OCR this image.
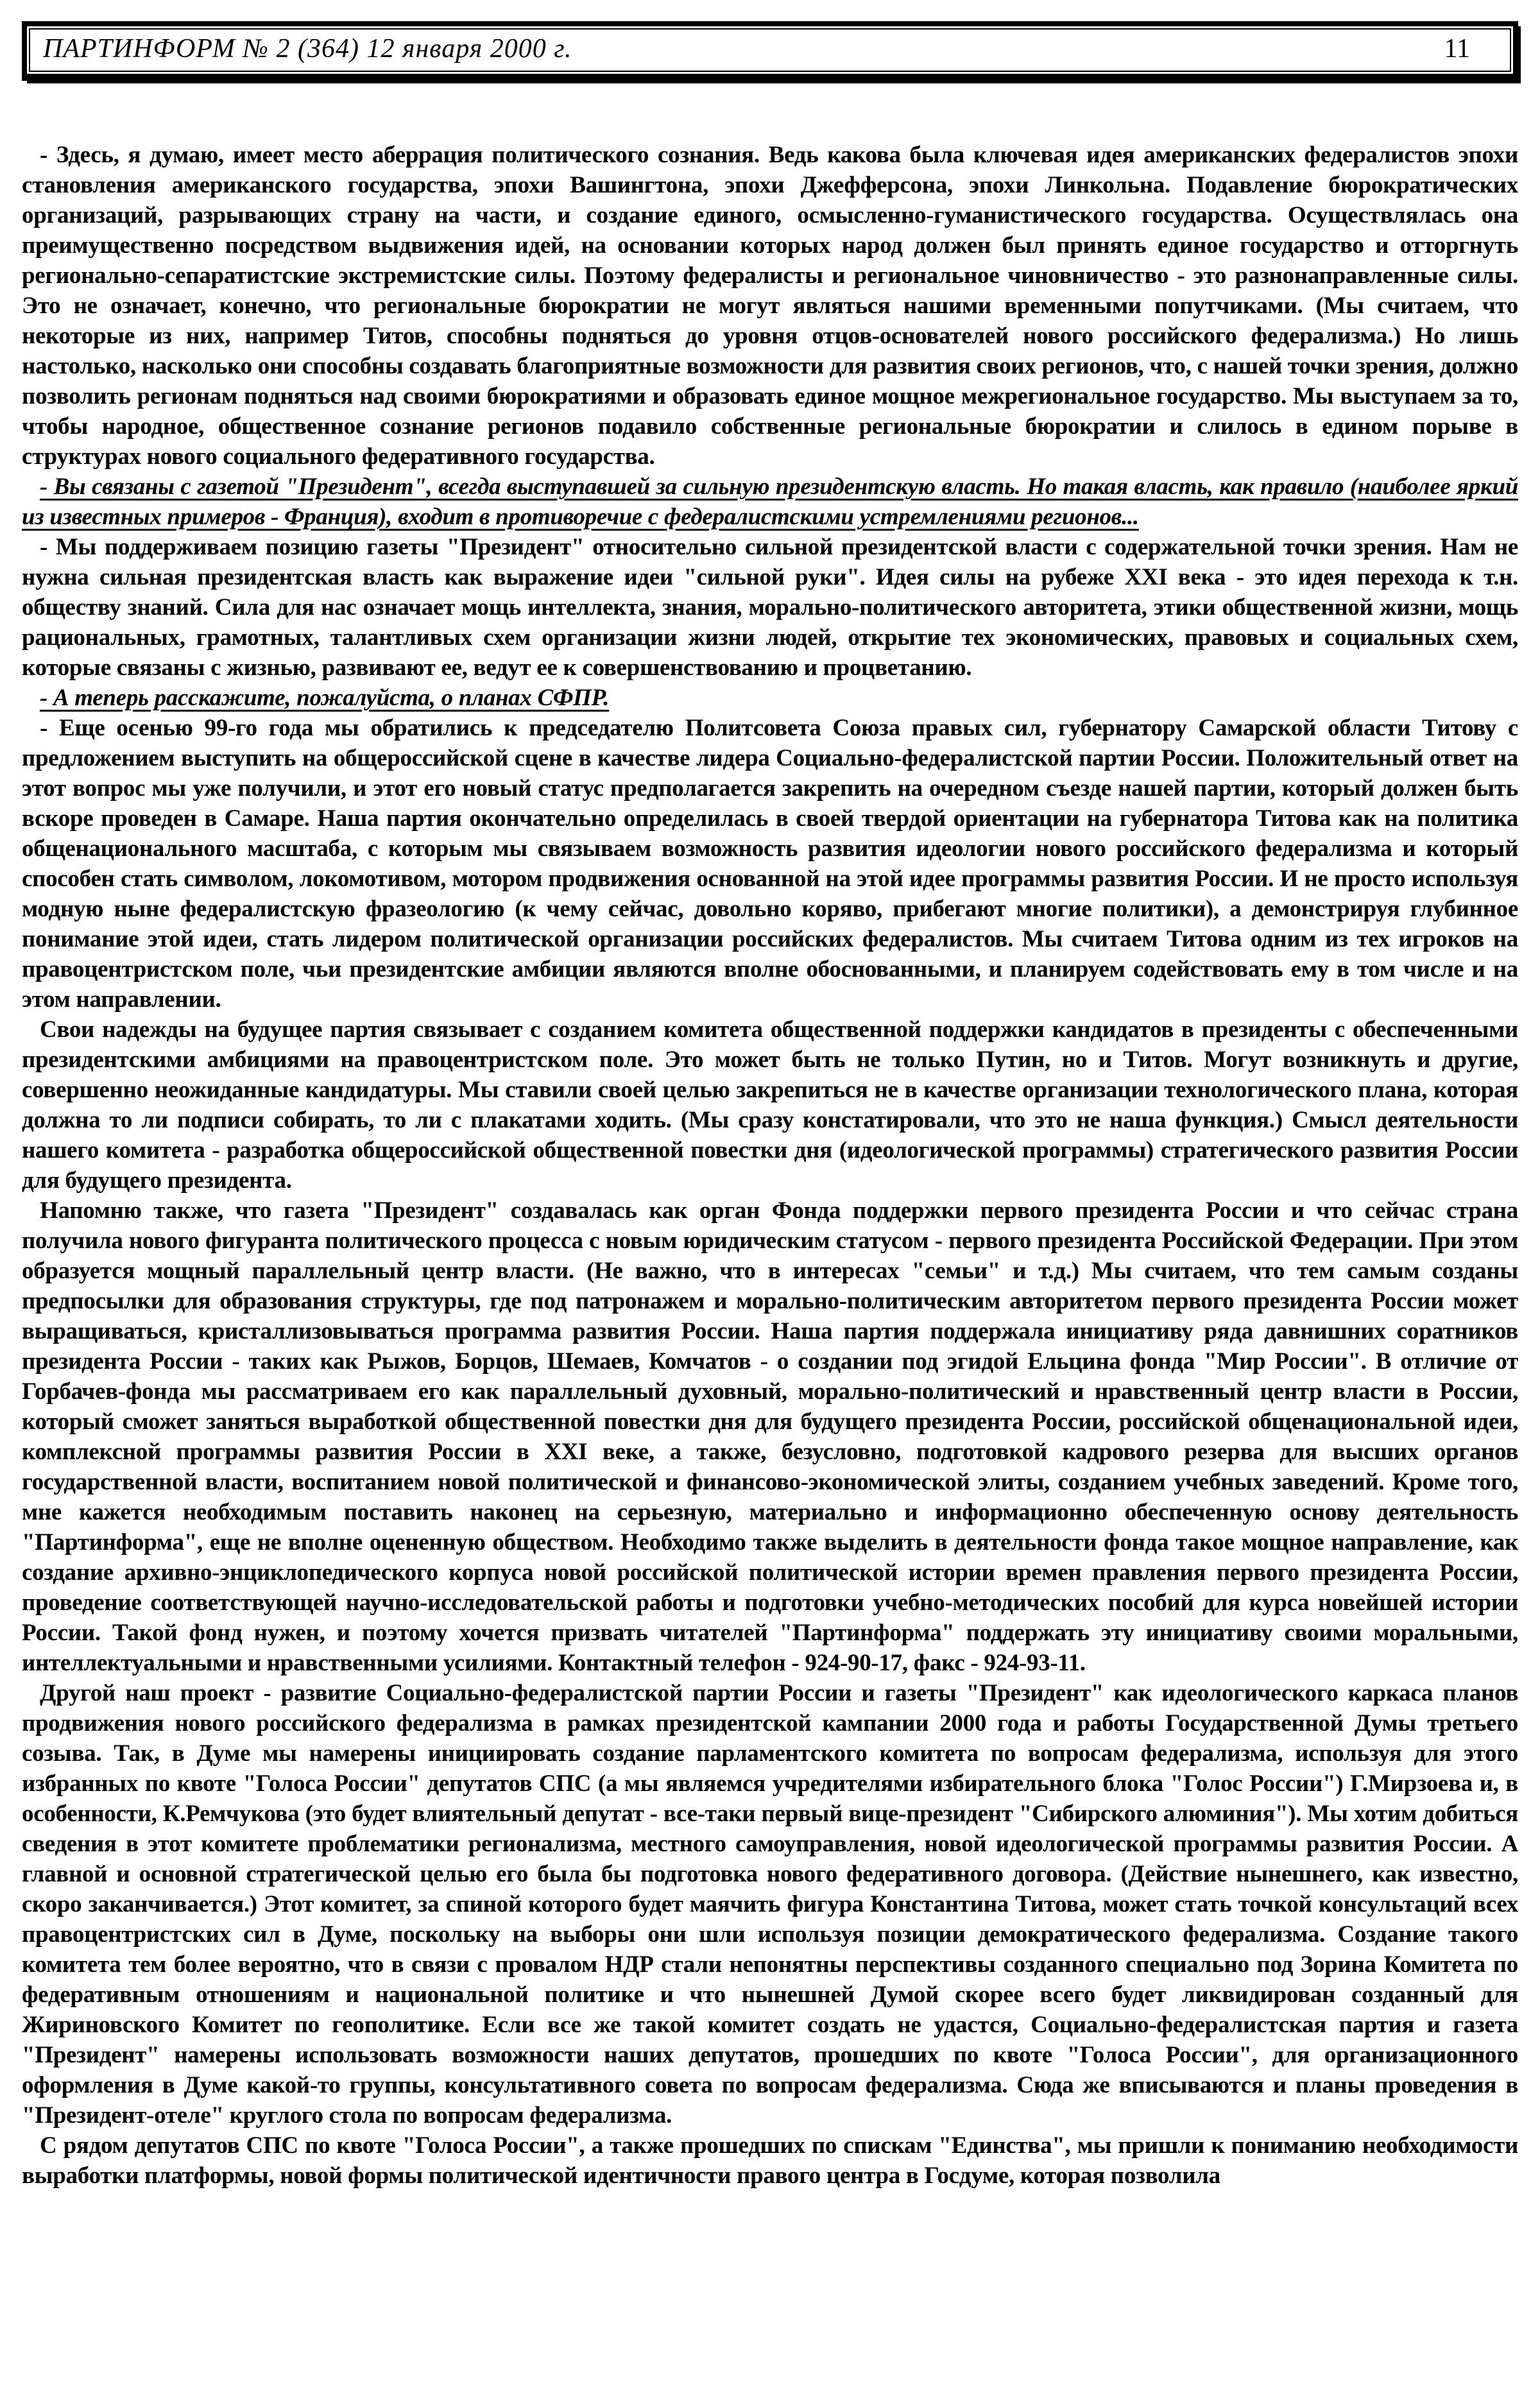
ПАРТИНФОРМ № 2 (364) 12 января 2000 г.	11

- Здесь, я думаю, имеет место аберрация политического сознания. Ведь какова была ключевая идея американских федералистов эпохи становления американского государства, эпохи Вашингтона, эпохи Джефферсона, эпохи Линкольна. Подавление бюрократических организаций, разрывающих страну на части, и создание единого, осмысленно-гуманистического государства. Осуществлялась она преимущественно посредством выдвижения идей, на основании которых народ должен был принять единое государство и отторгнуть регионально-сепаратистские экстремистские силы. Поэтому федералисты и региональное чиновничество - это разнонаправленные силы. Это не означает, конечно, что региональные бюрократии не могут являться нашими временными попутчиками. (Мы считаем, что некоторые из них, например Титов, способны подняться до уровня отцов-основателей нового российского федерализма.) Но лишь настолько, насколько они способны создавать благоприятные возможности для развития своих регионов, что, с нашей точки зрения, должно позволить регионам подняться над своими бюрократиями и образовать единое мощное межрегиональное государство. Мы выступаем за то, чтобы народное, общественное сознание регионов подавило собственные региональные бюрократии и слилось в едином порыве в структурах нового социального федеративного государства.

- Вы связаны с газетой "Президент", всегда выступавшей за сильную президентскую власть. Но такая власть, как правило (наиболее яркий из известных примеров - Франция), входит в противоречие с федералистскими устремлениями регионов...

- Мы поддерживаем позицию газеты "Президент" относительно сильной президентской власти с содержательной точки зрения. Нам не нужна сильная президентская власть как выражение идеи "сильной руки". Идея силы на рубеже XXI века - это идея перехода к т.н. обществу знаний. Сила для нас означает мощь интеллекта, знания, морально-политического авторитета, этики общественной жизни, мощь рациональных, грамотных, талантливых схем организации жизни людей, открытие тех экономических, правовых и социальных схем, которые связаны с жизнью, развивают ее, ведут ее к совершенствованию и процветанию.

- А теперь расскажите, пожалуйста, о планах СФПР.

- Еще осенью 99-го года мы обратились к председателю Политсовета Союза правых сил, губернатору Самарской области Титову с предложением выступить на общероссийской сцене в качестве лидера Социально-федералистской партии России. Положительный ответ на этот вопрос мы уже получили, и этот его новый статус предполагается закрепить на очередном съезде нашей партии, который должен быть вскоре проведен в Самаре. Наша партия окончательно определилась в своей твердой ориентации на губернатора Титова как на политика общенационального масштаба, с которым мы связываем возможность развития идеологии нового российского федерализма и который способен стать символом, локомотивом, мотором продвижения основанной на этой идее программы развития России. И не просто используя модную ныне федералистскую фразеологию (к чему сейчас, довольно коряво, прибегают многие политики), а демонстрируя глубинное понимание этой идеи, стать лидером политической организации российских федералистов. Мы считаем Титова одним из тех игроков на правоцентристском поле, чьи президентские амбиции являются вполне обоснованными, и планируем содействовать ему в том числе и на этом направлении.

Свои надежды на будущее партия связывает с созданием комитета общественной поддержки кандидатов в президенты с обеспеченными президентскими амбициями на правоцентристском поле. Это может быть не только Путин, но и Титов. Могут возникнуть и другие, совершенно неожиданные кандидатуры. Мы ставили своей целью закрепиться не в качестве организации технологического плана, которая должна то ли подписи собирать, то ли с плакатами ходить. (Мы сразу констатировали, что это не наша функция.) Смысл деятельности нашего комитета - разработка общероссийской общественной повестки дня (идеологической программы) стратегического развития России для будущего президента.

Напомню также, что газета "Президент" создавалась как орган Фонда поддержки первого президента России и что сейчас страна получила нового фигуранта политического процесса с новым юридическим статусом - первого президента Российской Федерации. При этом образуется мощный параллельный центр власти. (Не важно, что в интересах "семьи" и т.д.) Мы считаем, что тем самым созданы предпосылки для образования структуры, где под патронажем и морально-политическим авторитетом первого президента России может выращиваться, кристаллизовываться программа развития России. Наша партия поддержала инициативу ряда давнишних соратников президента России - таких как Рыжов, Борцов, Шемаев, Комчатов - о создании под эгидой Ельцина фонда "Мир России". В отличие от Горбачев-фонда мы рассматриваем его как параллельный духовный, морально-политический и нравственный центр власти в России, который сможет заняться выработкой общественной повестки дня для будущего президента России, российской общенациональной идеи, комплексной программы развития России в XXI веке, а также, безусловно, подготовкой кадрового резерва для высших органов государственной власти, воспитанием новой политической и финансово-экономической элиты, созданием учебных заведений. Кроме того, мне кажется необходимым поставить наконец на серьезную, материально и информационно обеспеченную основу деятельность "Партинформа", еще не вполне оцененную обществом. Необходимо также выделить в деятельности фонда такое мощное направление, как создание архивно-энциклопедического корпуса новой российской политической истории времен правления первого президента России, проведение соответствующей научно-исследовательской работы и подготовки учебно-методических пособий для курса новейшей истории России. Такой фонд нужен, и поэтому хочется призвать читателей "Партинформа" поддержать эту инициативу своими моральными, интеллектуальными и нравственными усилиями. Контактный телефон - 924-90-17, факс - 924-93-11.

Другой наш проект - развитие Социально-федералистской партии России и газеты "Президент" как идеологического каркаса планов продвижения нового российского федерализма в рамках президентской кампании 2000 года и работы Государственной Думы третьего созыва. Так, в Думе мы намерены инициировать создание парламентского комитета по вопросам федерализма, используя для этого избранных по квоте "Голоса России" депутатов СПС (а мы являемся учредителями избирательного блока "Голос России") Г.Мирзоева и, в особенности, К.Ремчукова (это будет влиятельный депутат - все-таки первый вице-президент "Сибирского алюминия"). Мы хотим добиться сведения в этот комитете проблематики регионализма, местного самоуправления, новой идеологической программы развития России. А главной и основной стратегической целью его была бы подготовка нового федеративного договора. (Действие нынешнего, как известно, скоро заканчивается.) Этот комитет, за спиной которого будет маячить фигура Константина Титова, может стать точкой консультаций всех правоцентристских сил в Думе, поскольку на выборы они шли используя позиции демократического федерализма. Создание такого комитета тем более вероятно, что в связи с провалом НДР стали непонятны перспективы созданного специально под Зорина Комитета по федеративным отношениям и национальной политике и что нынешней Думой скорее всего будет ликвидирован созданный для Жириновского Комитет по геополитике. Если все же такой комитет создать не удастся, Социально-федералистская партия и газета "Президент" намерены использовать возможности наших депутатов, прошедших по квоте "Голоса России", для организационного оформления в Думе какой-то группы, консультативного совета по вопросам федерализма. Сюда же вписываются и планы проведения в "Президент-отеле" круглого стола по вопросам федерализма.

С рядом депутатов СПС по квоте "Голоса России", а также прошедших по спискам "Единства", мы пришли к пониманию необходимости выработки платформы, новой формы политической идентичности правого центра в Госдуме, которая позволила
